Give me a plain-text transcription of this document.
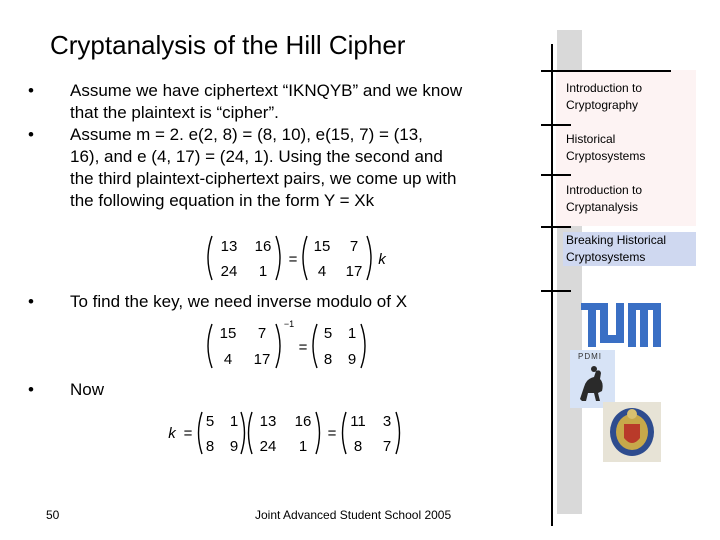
Cryptanalysis of the Hill Cipher
• Assume we have ciphertext “IKNQYB” and we know
that the plaintext is “cipher”.
• Assume m = 2. e(2, 8) = (8, 10), e(15, 7) = (13,
16), and e (4, 17) = (24, 1). Using the second and
the third plaintext-ciphertext pairs, we come up with
the following equation in the form Y = Xk
13 16
24 1
=
15 7
4 17
k
• To find the key, we need inverse modulo of X
15 7
4 17
−1
=
5 1
8 9
• Now
k =
5 1
8 9
13 16
24 1
=
11 3
8 7
50	Joint Advanced Student School 2005
Introduction to
Cryptography
Historical
Cryptosystems
Introduction to
Cryptanalysis
Breaking Historical
Cryptosystems
PDMI
